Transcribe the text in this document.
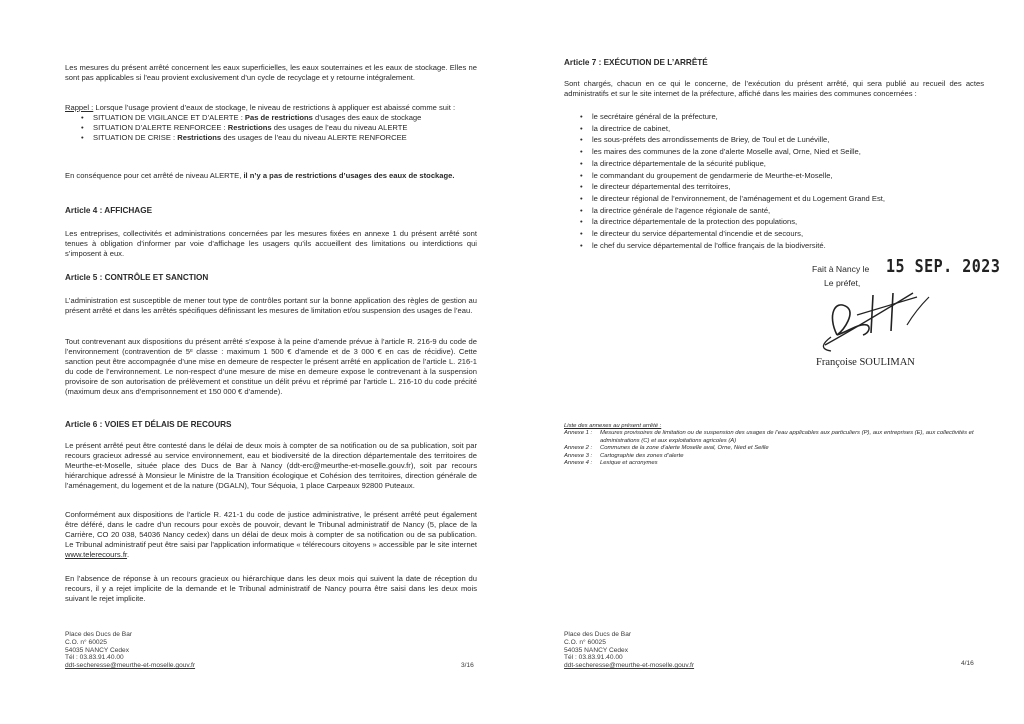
Les mesures du présent arrêté concernent les eaux superficielles, les eaux souterraines et les eaux de stockage. Elles ne sont pas applicables si l’eau provient exclusivement d’un cycle de recyclage et y retourne intégralement.
Rappel : Lorsque l’usage provient d’eaux de stockage, le niveau de restrictions à appliquer est abaissé comme suit :
• SITUATION DE VIGILANCE ET D’ALERTE : Pas de restrictions d’usages des eaux de stockage
• SITUATION D’ALERTE RENFORCEE : Restrictions des usages de l’eau du niveau ALERTE
• SITUATION DE CRISE : Restrictions des usages de l’eau du niveau ALERTE RENFORCEE
En conséquence pour cet arrêté de niveau ALERTE, il n’y a pas de restrictions d’usages des eaux de stockage.
Article 4 : AFFICHAGE
Les entreprises, collectivités et administrations concernées par les mesures fixées en annexe 1 du présent arrêté sont tenues à obligation d’informer par voie d’affichage les usagers qu’ils accueillent des limitations ou interdictions qui s’imposent à eux.
Article 5 : CONTRÔLE ET SANCTION
L’administration est susceptible de mener tout type de contrôles portant sur la bonne application des règles de gestion au présent arrêté et dans les arrêtés spécifiques définissant les mesures de limitation et/ou suspension des usages de l’eau.
Tout contrevenant aux dispositions du présent arrêté s’expose à la peine d’amende prévue à l’article R. 216-9 du code de l’environnement (contravention de 5ᵉ classe : maximum 1 500 € d’amende et de 3 000 € en cas de récidive). Cette sanction peut être accompagnée d’une mise en demeure de respecter le présent arrêté en application de l’article L. 216-1 du code de l’environnement. Le non-respect d’une mesure de mise en demeure expose le contrevenant à la suspension provisoire de son autorisation de prélèvement et constitue un délit prévu et réprimé par l’article L. 216-10 du code précité (maximum deux ans d’emprisonnement et 150 000 € d’amende).
Article 6 : VOIES ET DÉLAIS DE RECOURS
Le présent arrêté peut être contesté dans le délai de deux mois à compter de sa notification ou de sa publication, soit par recours gracieux adressé au service environnement, eau et biodiversité de la direction départementale des territoires de Meurthe-et-Moselle, située place des Ducs de Bar à Nancy (ddt-erc@meurthe-et-moselle.gouv.fr), soit par recours hiérarchique adressé à Monsieur le Ministre de la Transition écologique et Cohésion des territoires, direction générale de l’aménagement, du logement et de la nature (DGALN), Tour Séquoia, 1 place Carpeaux 92800 Puteaux.
Conformément aux dispositions de l’article R. 421-1 du code de justice administrative, le présent arrêté peut également être déféré, dans le cadre d’un recours pour excès de pouvoir, devant le Tribunal administratif de Nancy (5, place de la Carrière, CO 20 038, 54036 Nancy cedex) dans un délai de deux mois à compter de sa notification ou de sa publication. Le Tribunal administratif peut être saisi par l’application informatique « télérecours citoyens » accessible par le site internet www.telerecours.fr.
En l’absence de réponse à un recours gracieux ou hiérarchique dans les deux mois qui suivent la date de réception du recours, il y a rejet implicite de la demande et le Tribunal administratif de Nancy pourra être saisi dans les deux mois suivant le rejet implicite.
Place des Ducs de Bar
C.O. n° 60025
54035 NANCY Cedex
Tél : 03.83.91.40.00
ddt-secheresse@meurthe-et-moselle.gouv.fr	3/16
Article 7 : EXÉCUTION DE L’ARRÊTÉ
Sont chargés, chacun en ce qui le concerne, de l’exécution du présent arrêté, qui sera publié au recueil des actes administratifs et sur le site internet de la préfecture, affiché dans les mairies des communes concernées :
• le secrétaire général de la préfecture,
• la directrice de cabinet,
• les sous-préfets des arrondissements de Briey, de Toul et de Lunéville,
• les maires des communes de la zone d’alerte Moselle aval, Orne, Nied et Seille,
• la directrice départementale de la sécurité publique,
• le commandant du groupement de gendarmerie de Meurthe-et-Moselle,
• le directeur départemental des territoires,
• le directeur régional de l’environnement, de l’aménagement et du Logement Grand Est,
• la directrice générale de l’agence régionale de santé,
• la directrice départementale de la protection des populations,
• le directeur du service départemental d’incendie et de secours,
• le chef du service départemental de l’office français de la biodiversité.
Fait à Nancy le 15 SEP. 2023
Le préfet,
Françoise SOULIMAN
Liste des annexes au présent arrêté :
Annexe 1 :	Mesures provisoires de limitation ou de suspension des usages de l’eau applicables aux particuliers (P), aux entreprises (E), aux collectivités et administrations (C) et aux exploitations agricoles (A)
Annexe 2 :	Communes de la zone d’alerte Moselle aval, Orne, Nied et Seille
Annexe 3 :	Cartographie des zones d’alerte
Annexe 4 :	Lexique et acronymes
Place des Ducs de Bar
C.O. n° 60025
54035 NANCY Cedex
Tél : 03.83.91.40.00
ddt-secheresse@meurthe-et-moselle.gouv.fr	4/16
